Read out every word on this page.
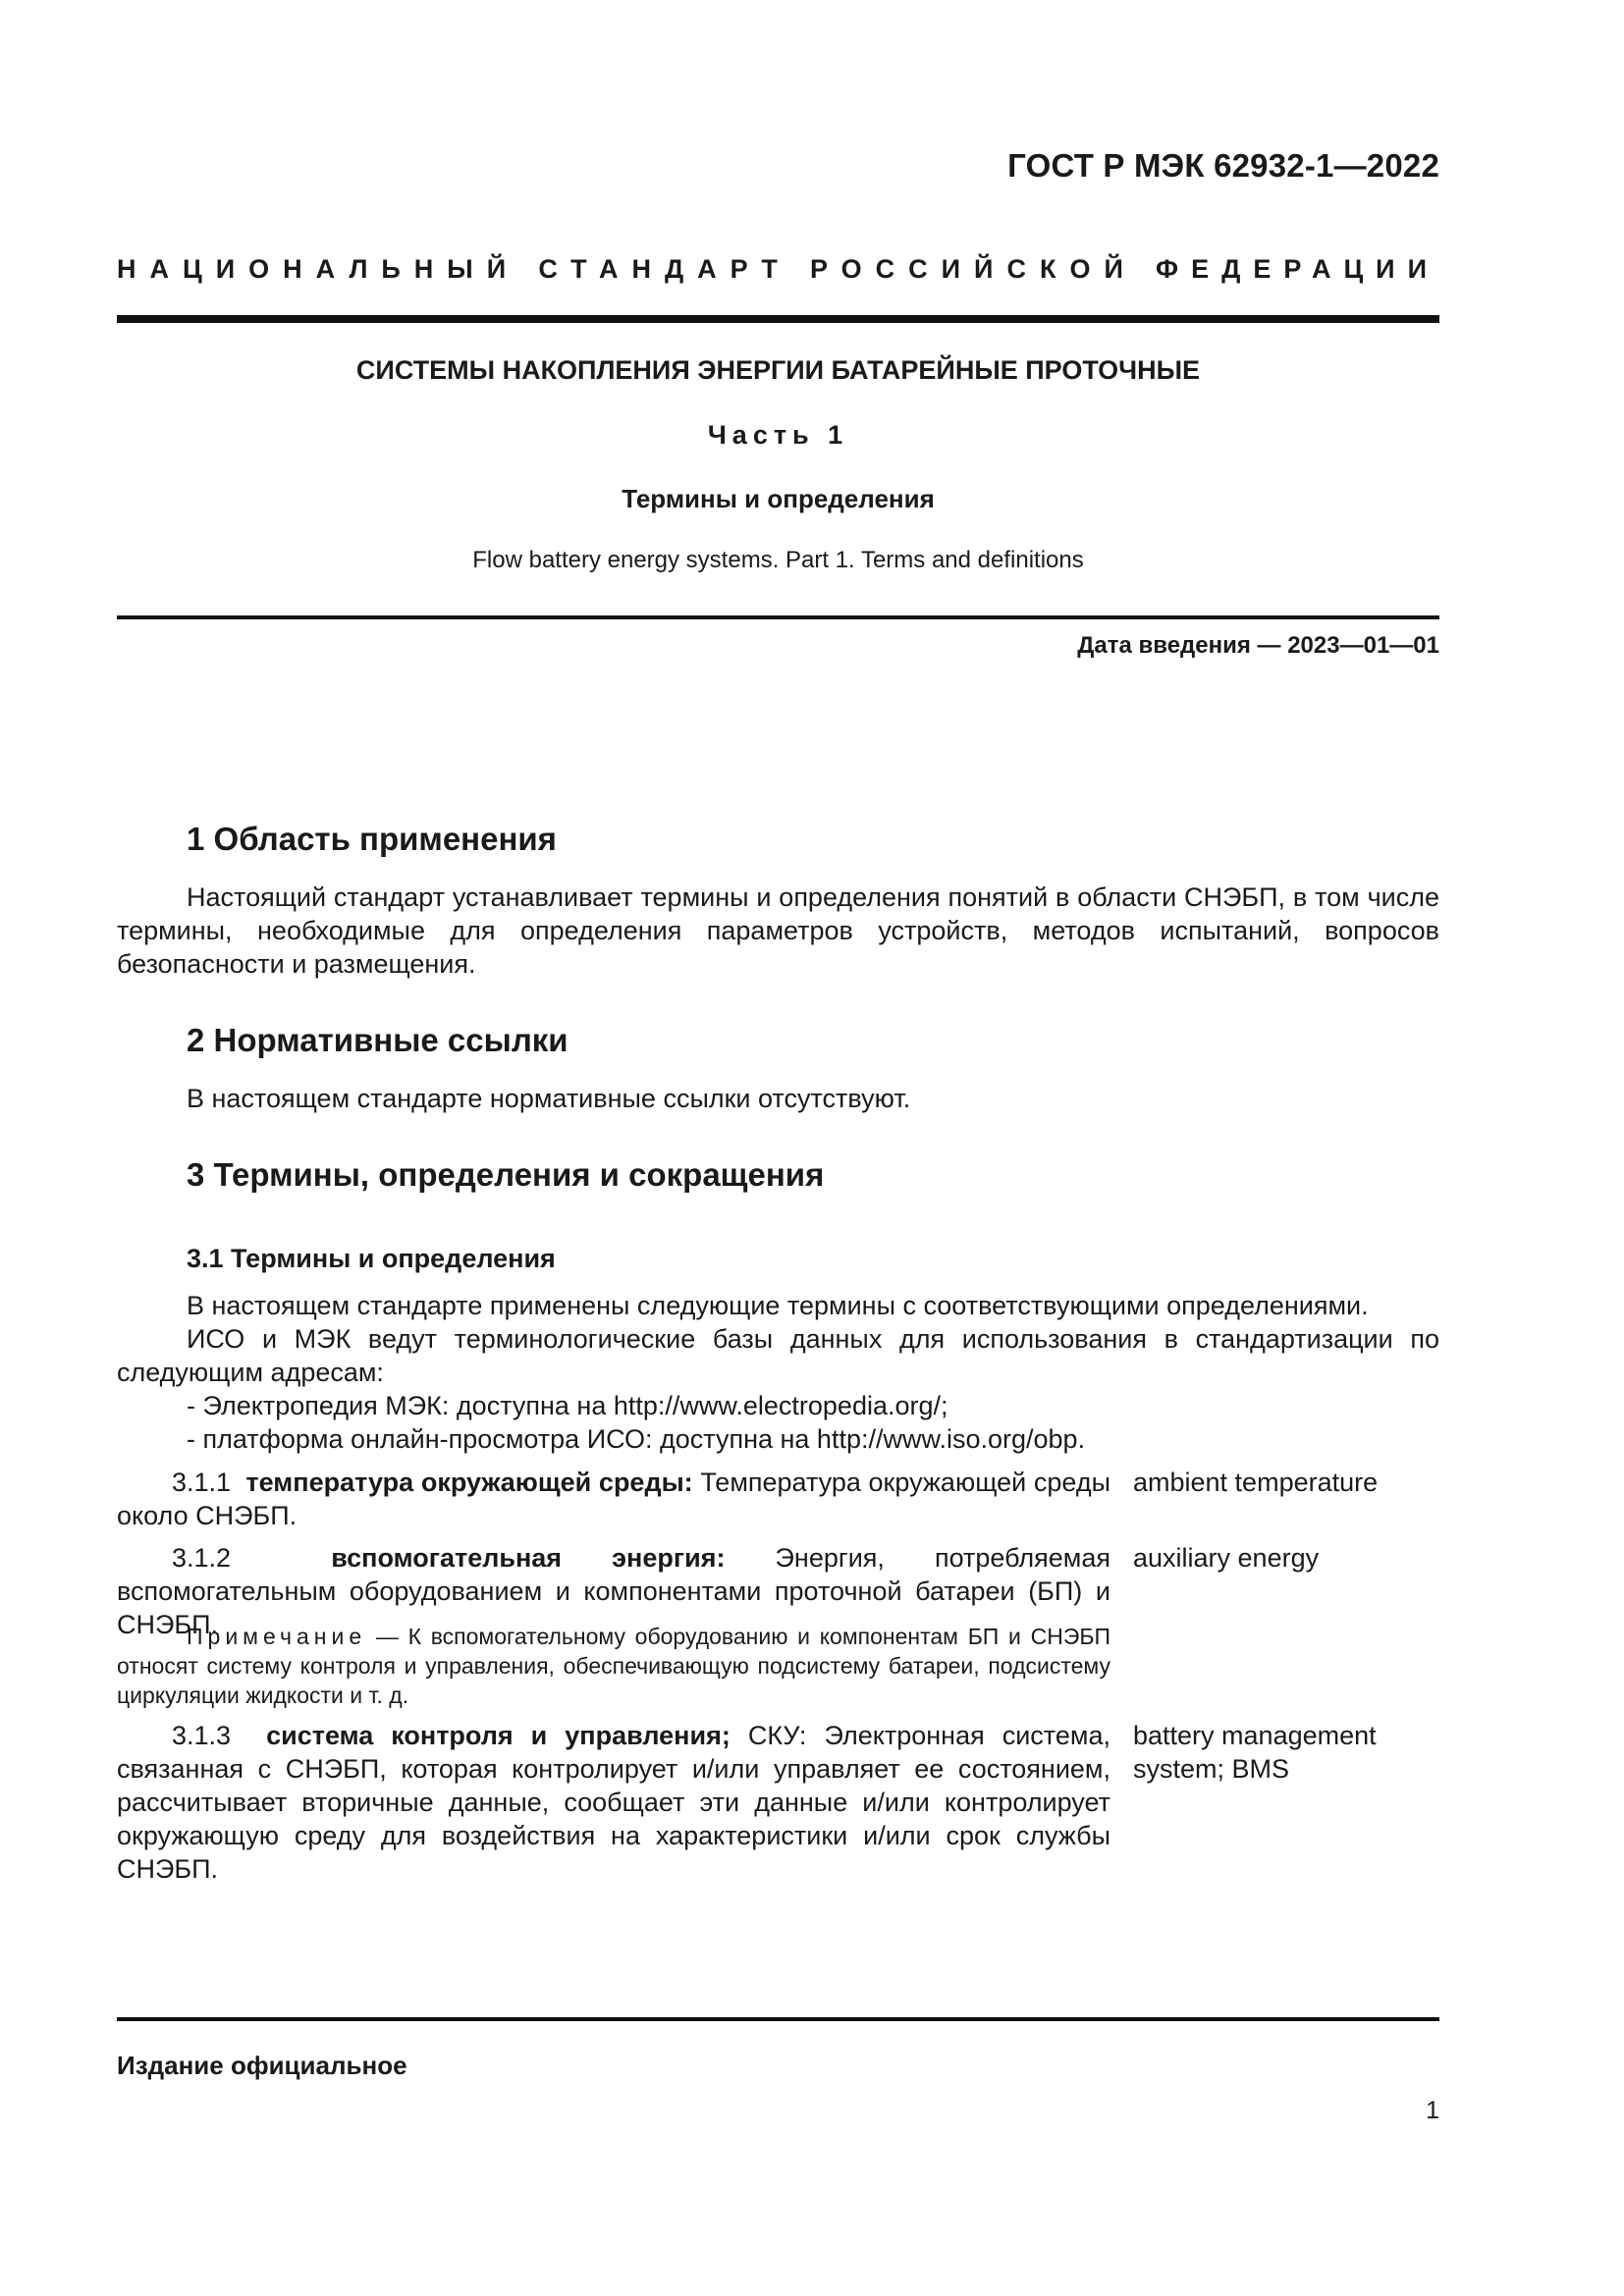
ГОСТ Р МЭК 62932-1—2022
НАЦИОНАЛЬНЫЙ СТАНДАРТ РОССИЙСКОЙ ФЕДЕРАЦИИ
СИСТЕМЫ НАКОПЛЕНИЯ ЭНЕРГИИ БАТАРЕЙНЫЕ ПРОТОЧНЫЕ
Часть 1
Термины и определения
Flow battery energy systems. Part 1. Terms and definitions
Дата введения — 2023—01—01
1 Область применения
Настоящий стандарт устанавливает термины и определения понятий в области СНЭБП, в том числе термины, необходимые для определения параметров устройств, методов испытаний, вопросов безопасности и размещения.
2 Нормативные ссылки
В настоящем стандарте нормативные ссылки отсутствуют.
3 Термины, определения и сокращения
3.1 Термины и определения
В настоящем стандарте применены следующие термины с соответствующими определениями.
ИСО и МЭК ведут терминологические базы данных для использования в стандартизации по следующим адресам:
- Электропедия МЭК: доступна на http://www.electropedia.org/;
- платформа онлайн-просмотра ИСО: доступна на http://www.iso.org/obp.
3.1.1 температура окружающей среды: Температура окружающей среды около СНЭБП.
ambient temperature
3.1.2	вспомогательная энергия: Энергия, потребляемая вспомогательным оборудованием и компонентами проточной батареи (БП) и СНЭБП.
auxiliary energy
Примечание — К вспомогательному оборудованию и компонентам БП и СНЭБП относят систему контроля и управления, обеспечивающую подсистему батареи, подсистему циркуляции жидкости и т. д.
3.1.3 система контроля и управления; СКУ: Электронная система, связанная с СНЭБП, которая контролирует и/или управляет ее состоянием, рассчитывает вторичные данные, сообщает эти данные и/или контролирует окружающую среду для воздействия на характеристики и/или срок службы СНЭБП.
battery management system; BMS
Издание официальное
1
